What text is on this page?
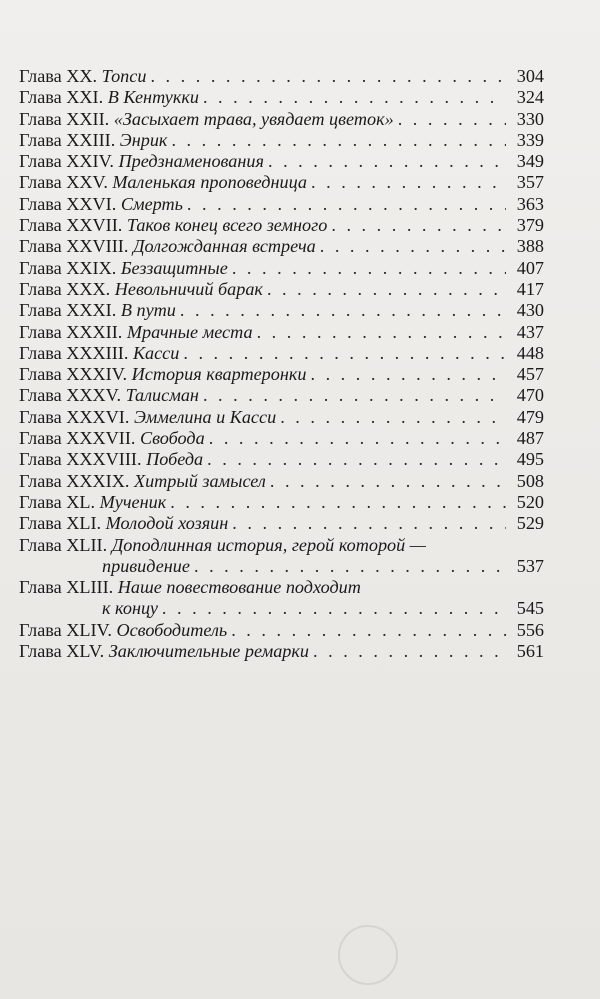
Глава XX. Топси . . .	304
Глава XXI. В Кентукки . . .	324
Глава XXII. «Засыхает трава, увядает цветок» . . .	330
Глава XXIII. Энрик . . .	339
Глава XXIV. Предзнаменования . . .	349
Глава XXV. Маленькая проповедница . . .	357
Глава XXVI. Смерть . . .	363
Глава XXVII. Таков конец всего земного . . .	379
Глава XXVIII. Долгожданная встреча . . .	388
Глава XXIX. Беззащитные . . .	407
Глава XXX. Невольничий барак . . .	417
Глава XXXI. В пути . . .	430
Глава XXXII. Мрачные места . . .	437
Глава XXXIII. Касси . . .	448
Глава XXXIV. История квартеронки . . .	457
Глава XXXV. Талисман . . .	470
Глава XXXVI. Эммелина и Касси . . .	479
Глава XXXVII. Свобода . . .	487
Глава XXXVIII. Победа . . .	495
Глава XXXIX. Хитрый замысел . . .	508
Глава XL. Мученик . . .	520
Глава XLI. Молодой хозяин . . .	529
Глава XLII. Доподлинная история, герой которой —
привидение . . .	537
Глава XLIII. Наше повествование подходит
к концу . . .	545
Глава XLIV. Освободитель . . .	556
Глава XLV. Заключительные ремарки . . .	561
